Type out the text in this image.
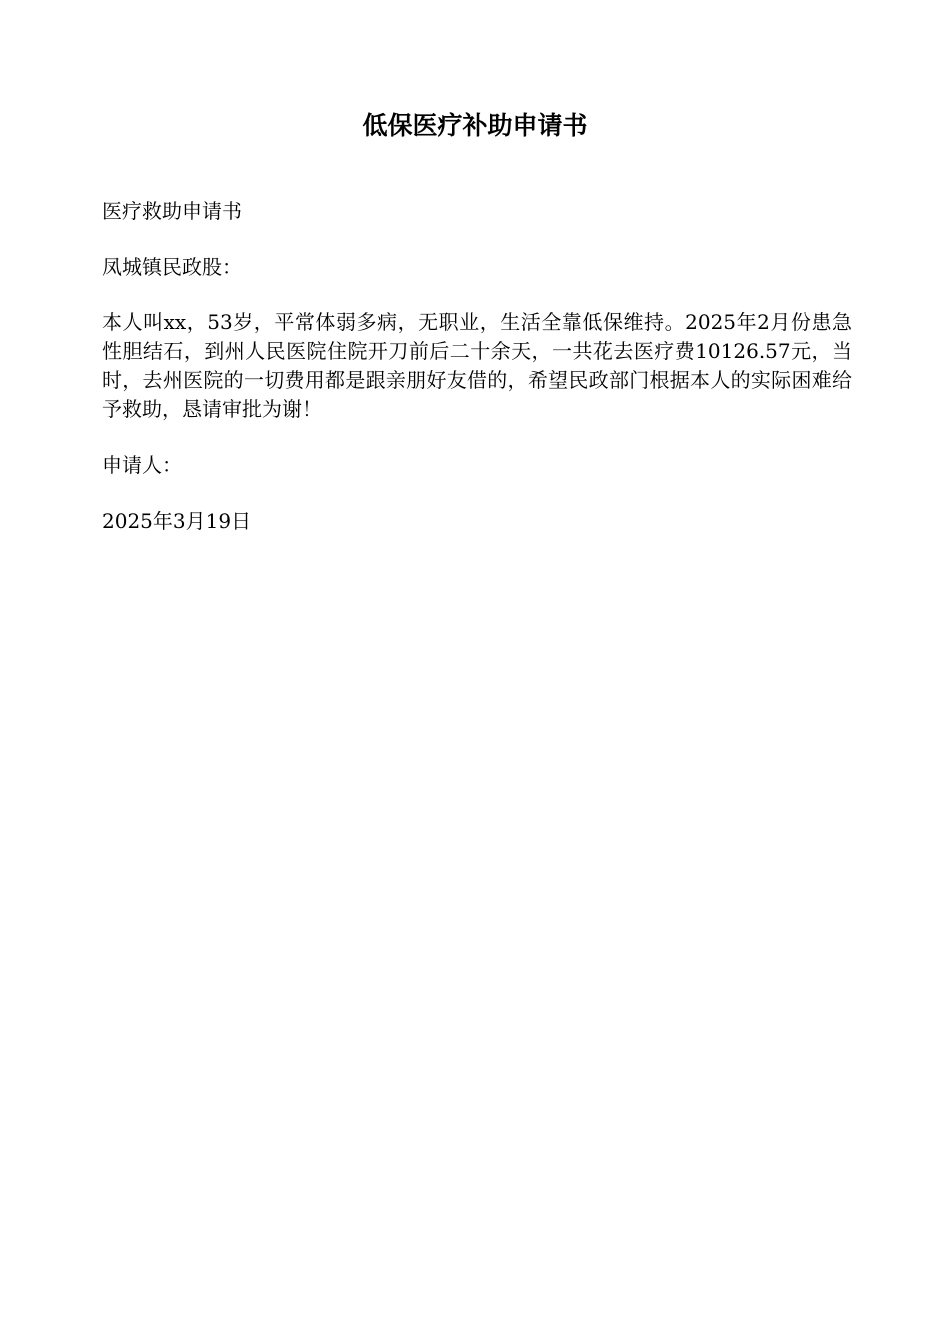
低保医疗补助申请书

医疗救助申请书

凤城镇民政股：

本人叫xx，53岁，平常体弱多病，无职业，生活全靠低保维持。2025年2月份患急性胆结石，到州人民医院住院开刀前后二十余天，一共花去医疗费10126.57元，当时，去州医院的一切费用都是跟亲朋好友借的，希望民政部门根据本人的实际困难给予救助，恳请审批为谢！

申请人：

2025年3月19日
